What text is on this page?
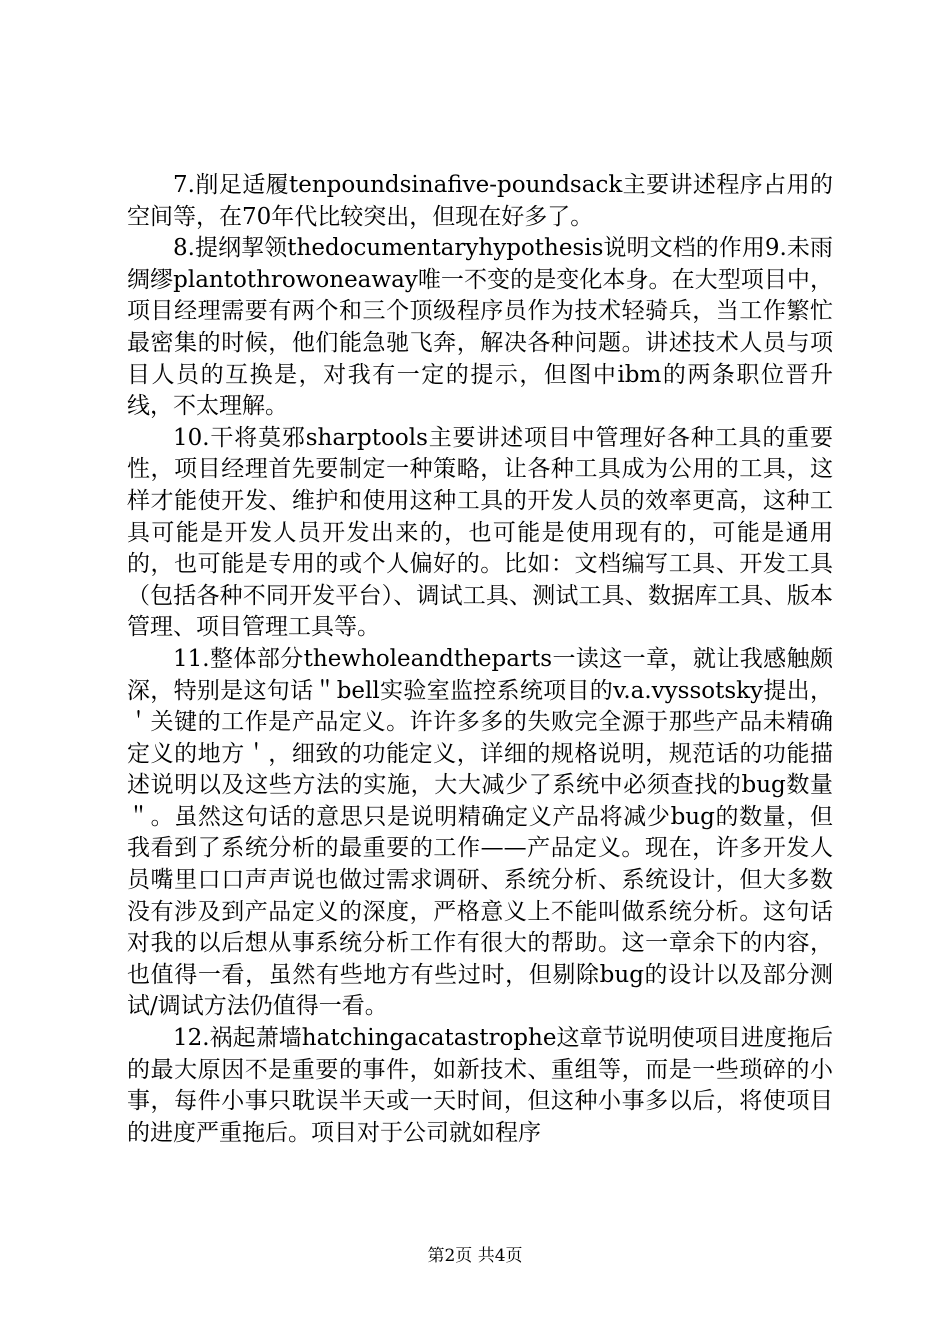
7.削足适履tenpoundsinafive-poundsack主要讲述程序占用的空间等，在70年代比较突出，但现在好多了。

8.提纲挈领thedocumentaryhypothesis说明文档的作用9.未雨绸缪plantothrowoneaway唯一不变的是变化本身。在大型项目中，项目经理需要有两个和三个顶级程序员作为技术轻骑兵，当工作繁忙最密集的时候，他们能急驰飞奔，解决各种问题。讲述技术人员与项目人员的互换是，对我有一定的提示，但图中ibm的两条职位晋升线，不太理解。

10.干将莫邪sharptools主要讲述项目中管理好各种工具的重要性，项目经理首先要制定一种策略，让各种工具成为公用的工具，这样才能使开发、维护和使用这种工具的开发人员的效率更高，这种工具可能是开发人员开发出来的，也可能是使用现有的，可能是通用的，也可能是专用的或个人偏好的。比如：文档编写工具、开发工具（包括各种不同开发平台）、调试工具、测试工具、数据库工具、版本管理、项目管理工具等。

11.整体部分thewholeandtheparts一读这一章，就让我感触颇深，特别是这句话＂bell实验室监控系统项目的v.a.vyssotsky提出，＇关键的工作是产品定义。许许多多的失败完全源于那些产品未精确定义的地方＇，细致的功能定义，详细的规格说明，规范话的功能描述说明以及这些方法的实施，大大减少了系统中必须查找的bug数量＂。虽然这句话的意思只是说明精确定义产品将减少bug的数量，但我看到了系统分析的最重要的工作——产品定义。现在，许多开发人员嘴里口口声声说也做过需求调研、系统分析、系统设计，但大多数没有涉及到产品定义的深度，严格意义上不能叫做系统分析。这句话对我的以后想从事系统分析工作有很大的帮助。这一章余下的内容，也值得一看，虽然有些地方有些过时，但剔除bug的设计以及部分测试/调试方法仍值得一看。

12.祸起萧墙hatchingacatastrophe这章节说明使项目进度拖后的最大原因不是重要的事件，如新技术、重组等，而是一些琐碎的小事，每件小事只耽误半天或一天时间，但这种小事多以后，将使项目的进度严重拖后。项目对于公司就如程序

第2页 共4页
